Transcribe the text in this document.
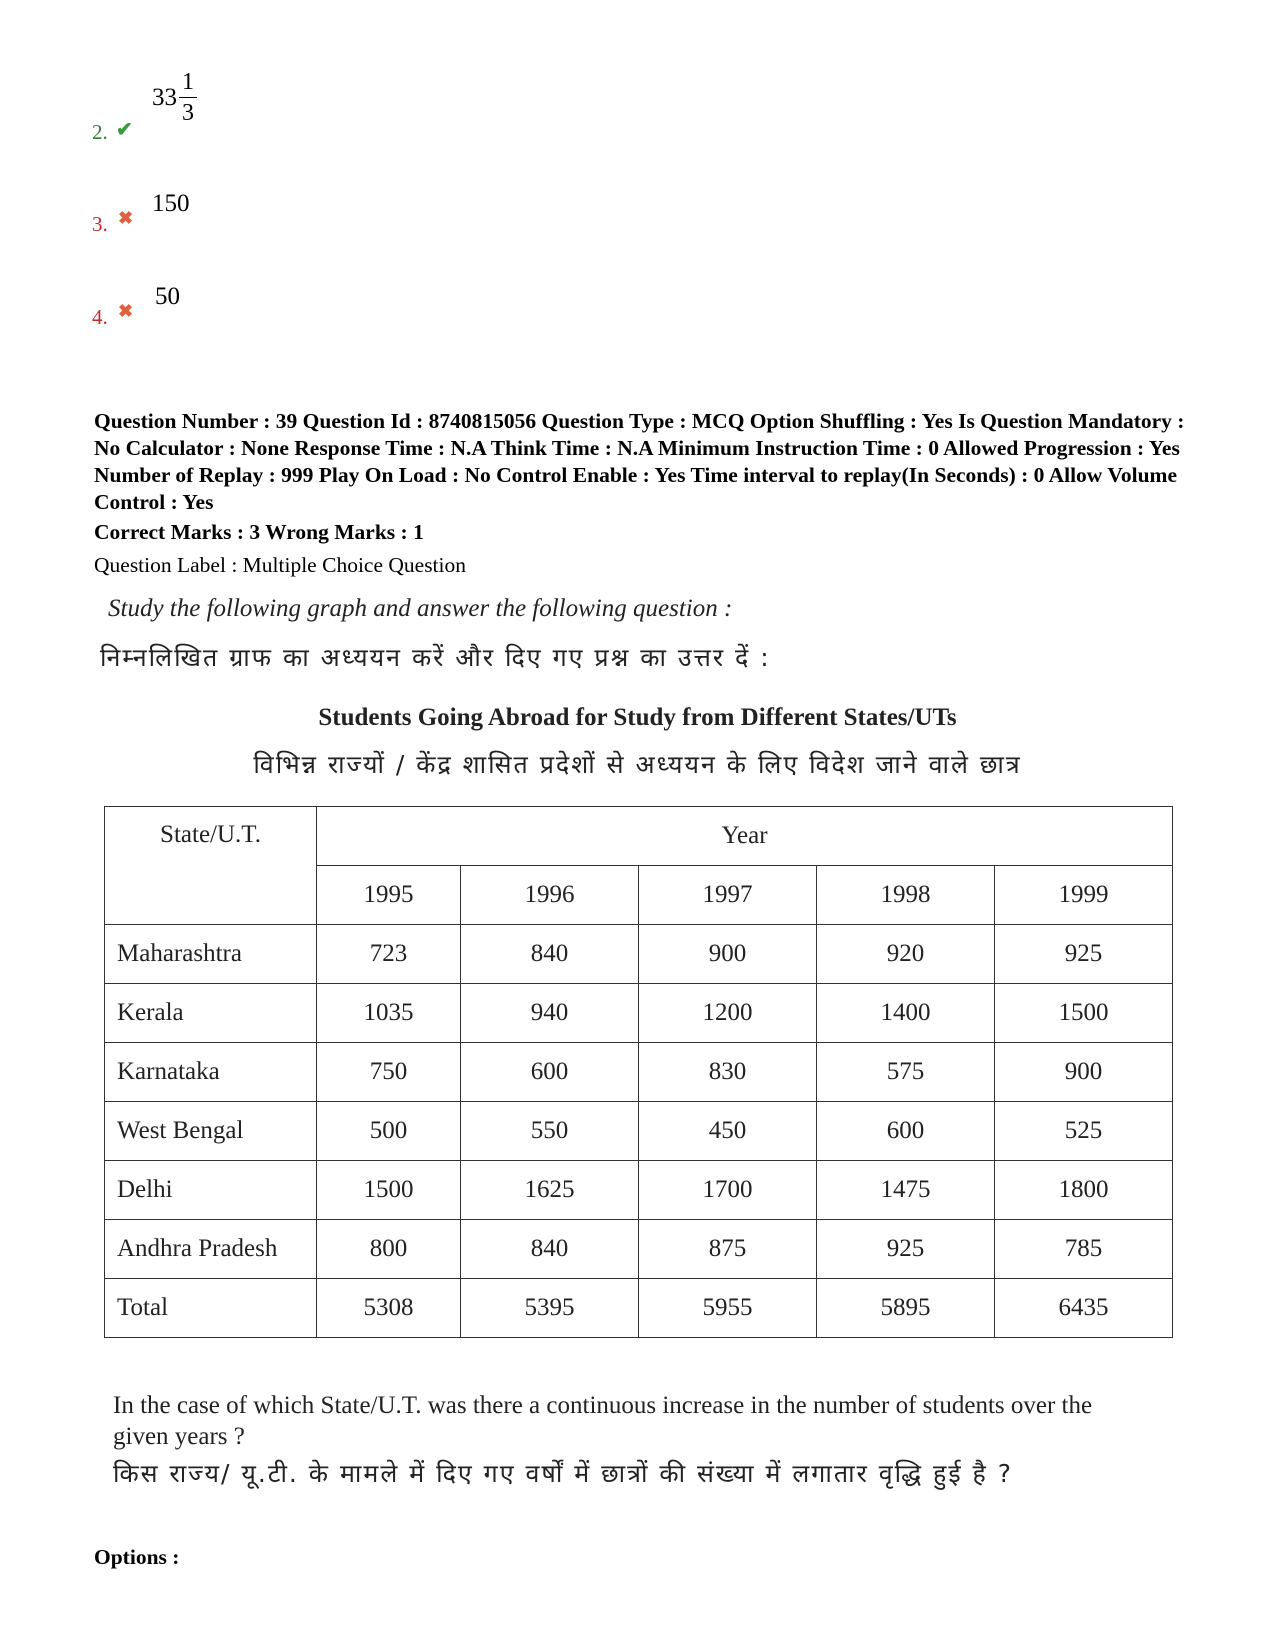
2. ✔
$33 \frac{1}{3}$
3. ✖
150
4. ✖
50
Question Number : 39 Question Id : 8740815056 Question Type : MCQ Option Shuffling : Yes Is Question Mandatory : No Calculator : None Response Time : N.A Think Time : N.A Minimum Instruction Time : 0 Allowed Progression : Yes Number of Replay : 999 Play On Load : No Control Enable : Yes Time interval to replay(In Seconds) : 0 Allow Volume Control : Yes
Correct Marks : 3 Wrong Marks : 1
Question Label : Multiple Choice Question
Study the following graph and answer the following question :
निम्नलिखित ग्राफ का अध्ययन करें और दिए गए प्रश्न का उत्तर दें :
Students Going Abroad for Study from Different States/UTs
विभिन्न राज्यों / केंद्र शासित प्रदेशों से अध्ययन के लिए विदेश जाने वाले छात्र
State/U.T.	Year				
	1995	1996	1997	1998	1999
Maharashtra	723	840	900	920	925
Kerala	1035	940	1200	1400	1500
Karnataka	750	600	830	575	900
West Bengal	500	550	450	600	525
Delhi	1500	1625	1700	1475	1800
Andhra Pradesh	800	840	875	925	785
Total	5308	5395	5955	5895	6435
In the case of which State/U.T. was there a continuous increase in the number of students over the given years ?
किस राज्य/ यू.टी. के मामले में दिए गए वर्षों में छात्रों की संख्या में लगातार वृद्धि हुई है ?
Options :
